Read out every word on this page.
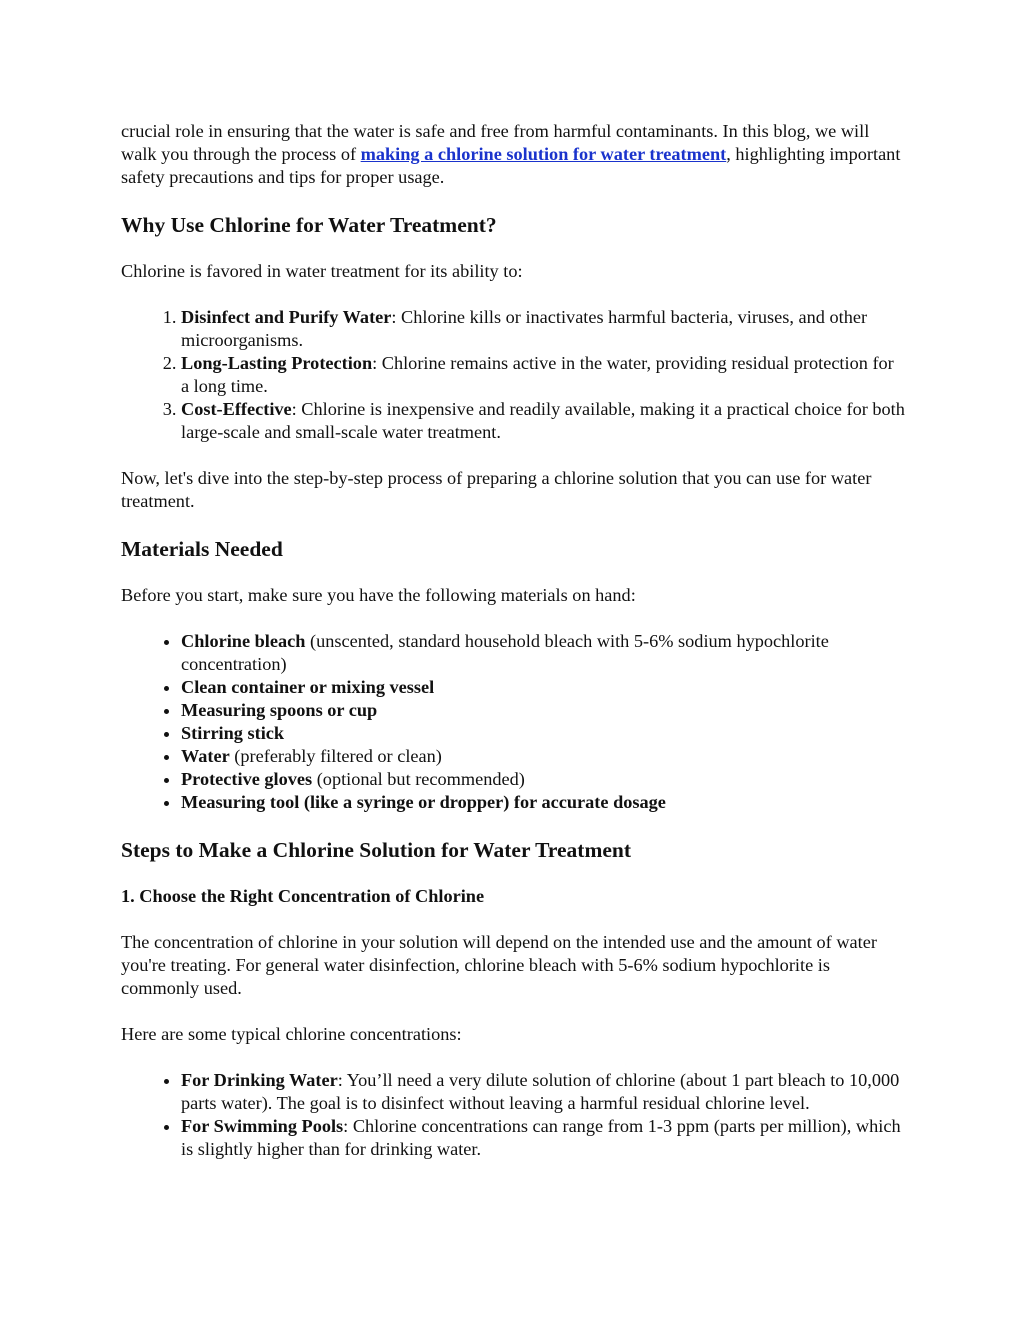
crucial role in ensuring that the water is safe and free from harmful contaminants. In this blog, we will walk you through the process of making a chlorine solution for water treatment, highlighting important safety precautions and tips for proper usage.

Why Use Chlorine for Water Treatment?

Chlorine is favored in water treatment for its ability to:

1. Disinfect and Purify Water: Chlorine kills or inactivates harmful bacteria, viruses, and other microorganisms.
2. Long-Lasting Protection: Chlorine remains active in the water, providing residual protection for a long time.
3. Cost-Effective: Chlorine is inexpensive and readily available, making it a practical choice for both large-scale and small-scale water treatment.

Now, let's dive into the step-by-step process of preparing a chlorine solution that you can use for water treatment.

Materials Needed

Before you start, make sure you have the following materials on hand:

• Chlorine bleach (unscented, standard household bleach with 5-6% sodium hypochlorite concentration)
• Clean container or mixing vessel
• Measuring spoons or cup
• Stirring stick
• Water (preferably filtered or clean)
• Protective gloves (optional but recommended)
• Measuring tool (like a syringe or dropper) for accurate dosage
Steps to Make a Chlorine Solution for Water Treatment
1. Choose the Right Concentration of Chlorine

The concentration of chlorine in your solution will depend on the intended use and the amount of water you're treating. For general water disinfection, chlorine bleach with 5-6% sodium hypochlorite is commonly used.

Here are some typical chlorine concentrations:

• For Drinking Water: You’ll need a very dilute solution of chlorine (about 1 part bleach to 10,000 parts water). The goal is to disinfect without leaving a harmful residual chlorine level.
• For Swimming Pools: Chlorine concentrations can range from 1-3 ppm (parts per million), which is slightly higher than for drinking water.
